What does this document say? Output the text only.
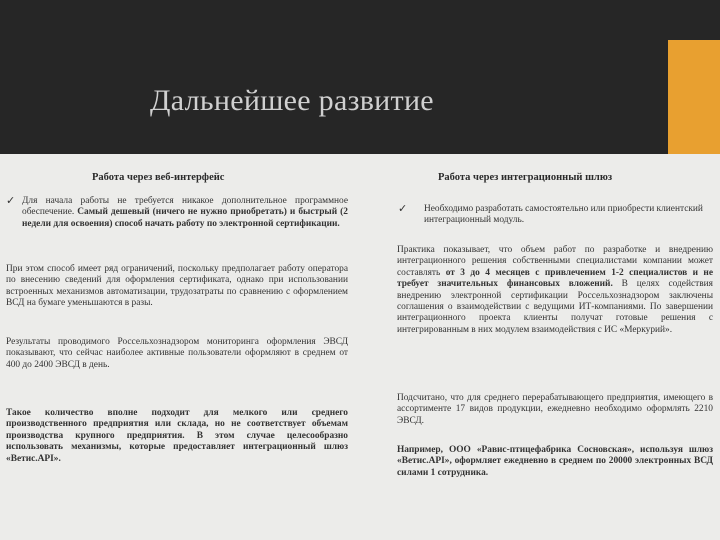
Дальнейшее развитие
Работа через веб-интерфейс
✓ Для начала работы не требуется никакое дополнительное программное обеспечение. Самый дешевый (ничего не нужно приобретать) и быстрый (2 недели для освоения) способ начать работу по электронной сертификации.
При этом способ имеет ряд ограничений, поскольку предполагает работу оператора по внесению сведений для оформления сертификата, однако при использовании встроенных механизмов автоматизации, трудозатраты по сравнению с оформлением ВСД на бумаге уменьшаются в разы.
Результаты проводимого Россельхознадзором мониторинга оформления ЭВСД показывают, что сейчас наиболее активные пользователи оформляют в среднем от 400 до 2400 ЭВСД в день.
Такое количество вполне подходит для мелкого или среднего производственного предприятия или склада, но не соответствует объемам производства крупного предприятия. В этом случае целесообразно использовать механизмы, которые предоставляет интеграционный шлюз «Ветис.API».
Работа через интеграционный шлюз
✓ Необходимо разработать самостоятельно или приобрести клиентский интеграционный модуль.
Практика показывает, что объем работ по разработке и внедрению интеграционного решения собственными специалистами компании может составлять от 3 до 4 месяцев с привлечением 1-2 специалистов и не требует значительных финансовых вложений. В целях содействия внедрению электронной сертификации Россельхознадзором заключены соглашения о взаимодействии с ведущими ИТ-компаниями. По завершении интеграционного проекта клиенты получат готовые решения с интегрированным в них модулем взаимодействия с ИС «Меркурий».
Подсчитано, что для среднего перерабатывающего предприятия, имеющего в ассортименте 17 видов продукции, ежедневно необходимо оформлять 2210 ЭВСД.
Например, ООО «Равис-птицефабрика Сосновская», используя шлюз «Ветис.API», оформляет ежедневно в среднем по 20000 электронных ВСД силами 1 сотрудника.
